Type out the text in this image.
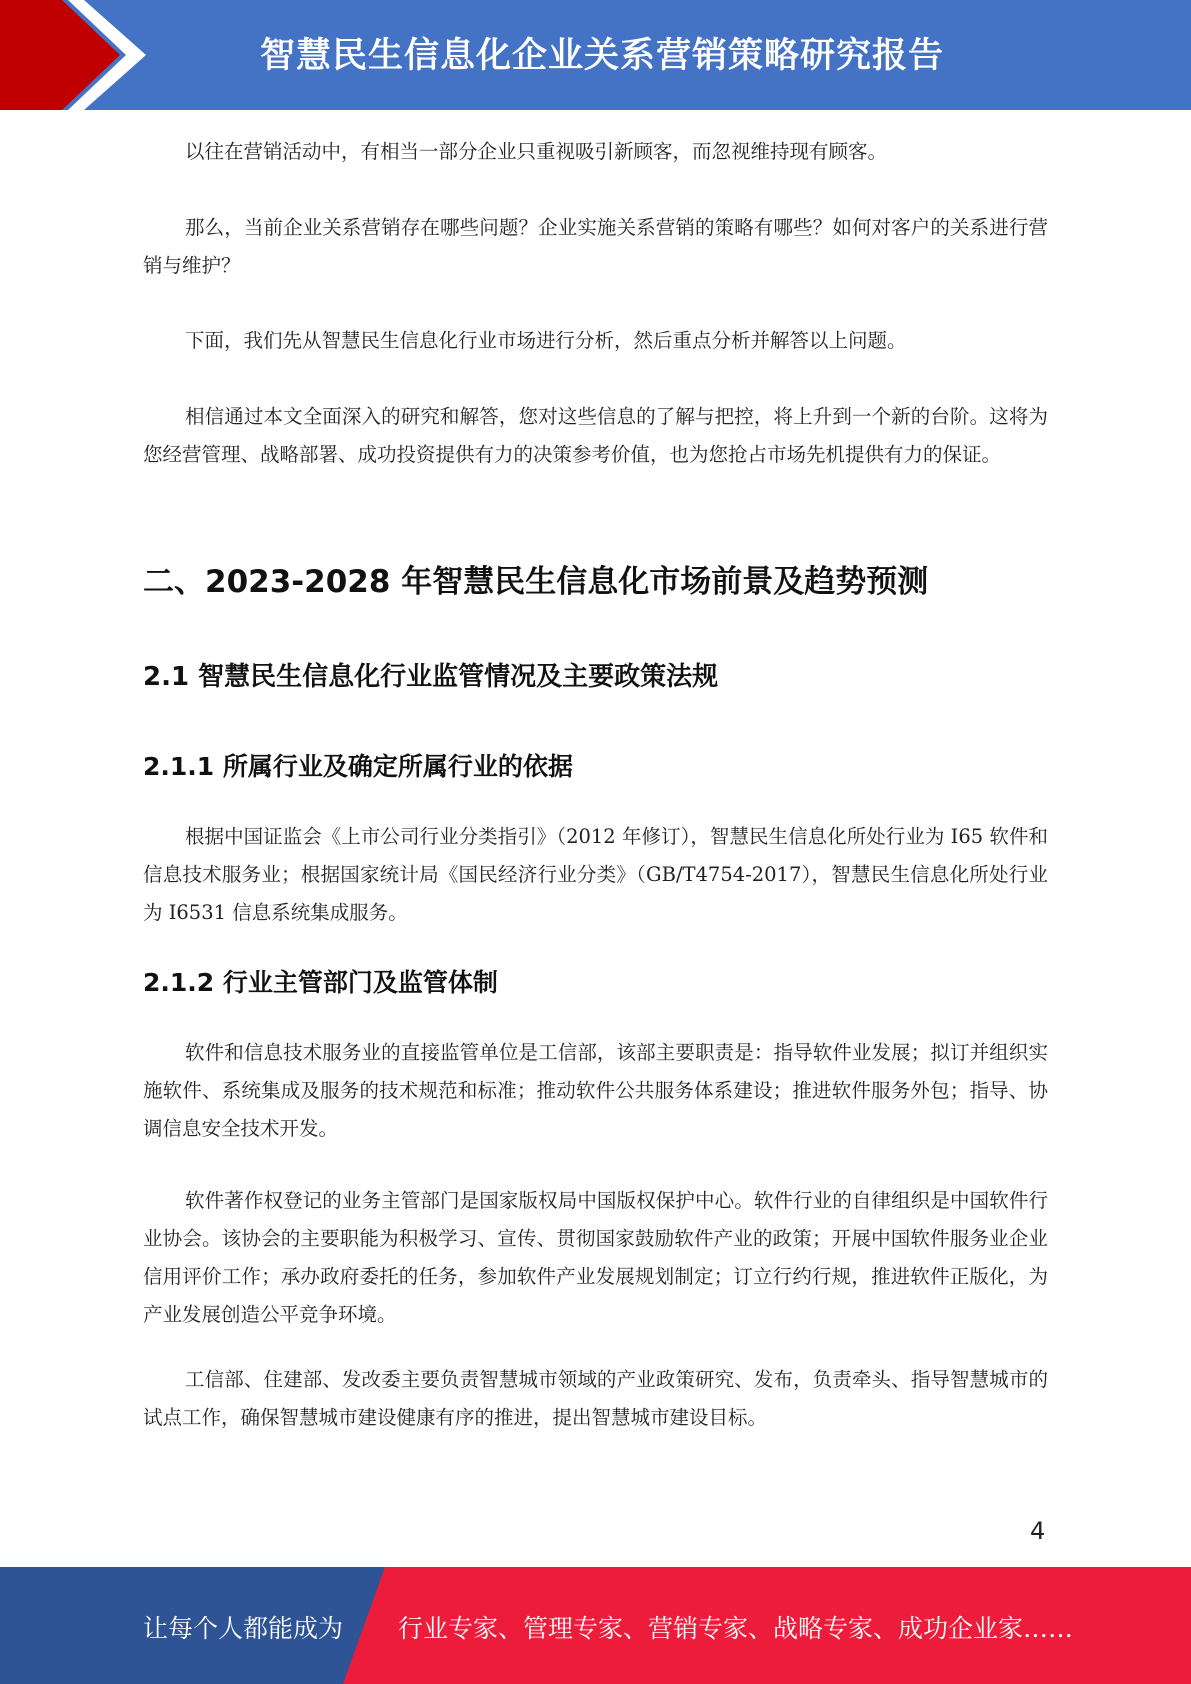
智慧民生信息化企业关系营销策略研究报告

以往在营销活动中，有相当一部分企业只重视吸引新顾客，而忽视维持现有顾客。

那么，当前企业关系营销存在哪些问题？企业实施关系营销的策略有哪些？如何对客户的关系进行营销与维护？

下面，我们先从智慧民生信息化行业市场进行分析，然后重点分析并解答以上问题。

相信通过本文全面深入的研究和解答，您对这些信息的了解与把控，将上升到一个新的台阶。这将为您经营管理、战略部署、成功投资提供有力的决策参考价值，也为您抢占市场先机提供有力的保证。

二、2023-2028 年智慧民生信息化市场前景及趋势预测
2.1 智慧民生信息化行业监管情况及主要政策法规
2.1.1 所属行业及确定所属行业的依据

根据中国证监会《上市公司行业分类指引》（2012 年修订），智慧民生信息化所处行业为 I65 软件和信息技术服务业；根据国家统计局《国民经济行业分类》（GB/T4754-2017），智慧民生信息化所处行业为 I6531 信息系统集成服务。

2.1.2 行业主管部门及监管体制

软件和信息技术服务业的直接监管单位是工信部，该部主要职责是：指导软件业发展；拟订并组织实施软件、系统集成及服务的技术规范和标准；推动软件公共服务体系建设；推进软件服务外包；指导、协调信息安全技术开发。

软件著作权登记的业务主管部门是国家版权局中国版权保护中心。软件行业的自律组织是中国软件行业协会。该协会的主要职能为积极学习、宣传、贯彻国家鼓励软件产业的政策；开展中国软件服务业企业信用评价工作；承办政府委托的任务，参加软件产业发展规划制定；订立行约行规，推进软件正版化，为产业发展创造公平竞争环境。

工信部、住建部、发改委主要负责智慧城市领域的产业政策研究、发布，负责牵头、指导智慧城市的试点工作，确保智慧城市建设健康有序的推进，提出智慧城市建设目标。

4
让每个人都能成为 行业专家、管理专家、营销专家、战略专家、成功企业家……
